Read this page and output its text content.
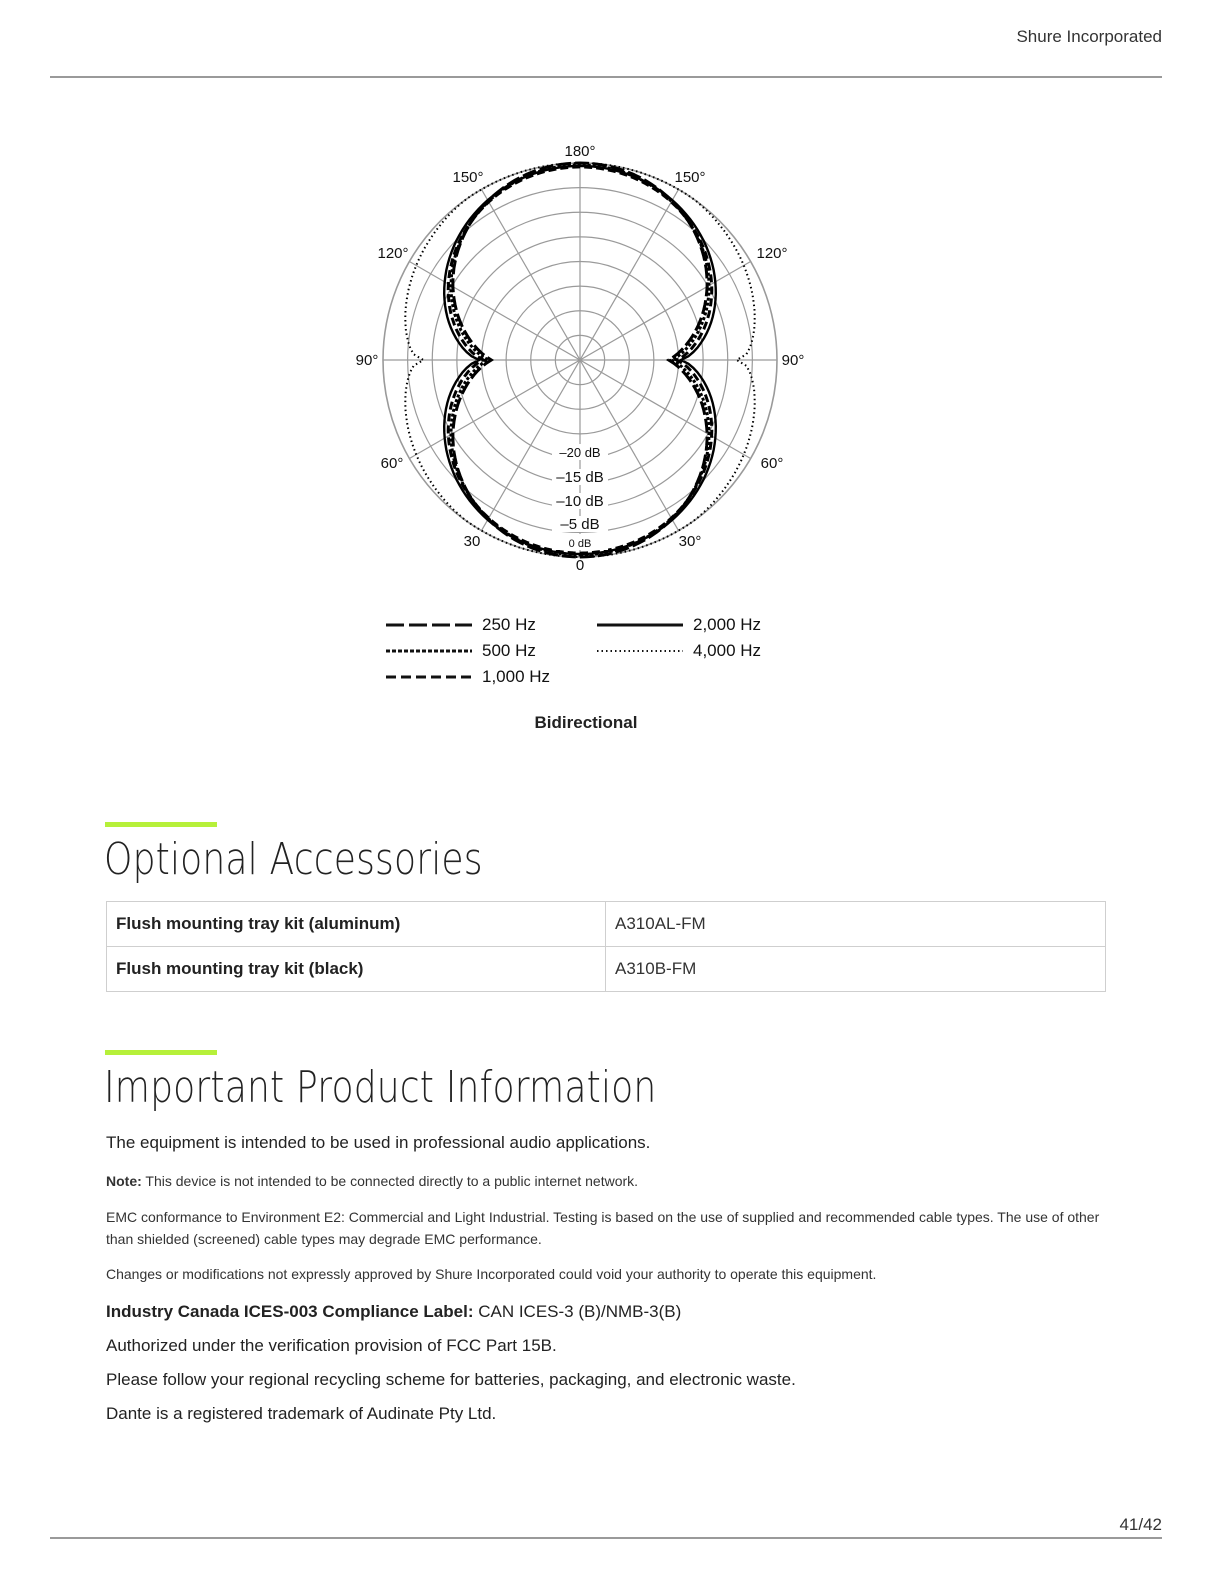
Shure Incorporated
180°
150°	150°
120°	120°
90°	90°
60°	60°
30	30°
0
–20 dB
–15 dB
–10 dB
–5 dB
0 dB
250 Hz
500 Hz
1,000 Hz
2,000 Hz
4,000 Hz
Bidirectional
Optional Accessories
Flush mounting tray kit (aluminum)	A310AL-FM
Flush mounting tray kit (black)	A310B-FM
Important Product Information
The equipment is intended to be used in professional audio applications.
Note: This device is not intended to be connected directly to a public internet network.
EMC conformance to Environment E2: Commercial and Light Industrial. Testing is based on the use of supplied and recommended cable types. The use of other than shielded (screened) cable types may degrade EMC performance.
Changes or modifications not expressly approved by Shure Incorporated could void your authority to operate this equipment.
Industry Canada ICES-003 Compliance Label: CAN ICES-3 (B)/NMB-3(B)
Authorized under the verification provision of FCC Part 15B.
Please follow your regional recycling scheme for batteries, packaging, and electronic waste.
Dante is a registered trademark of Audinate Pty Ltd.
41/42
